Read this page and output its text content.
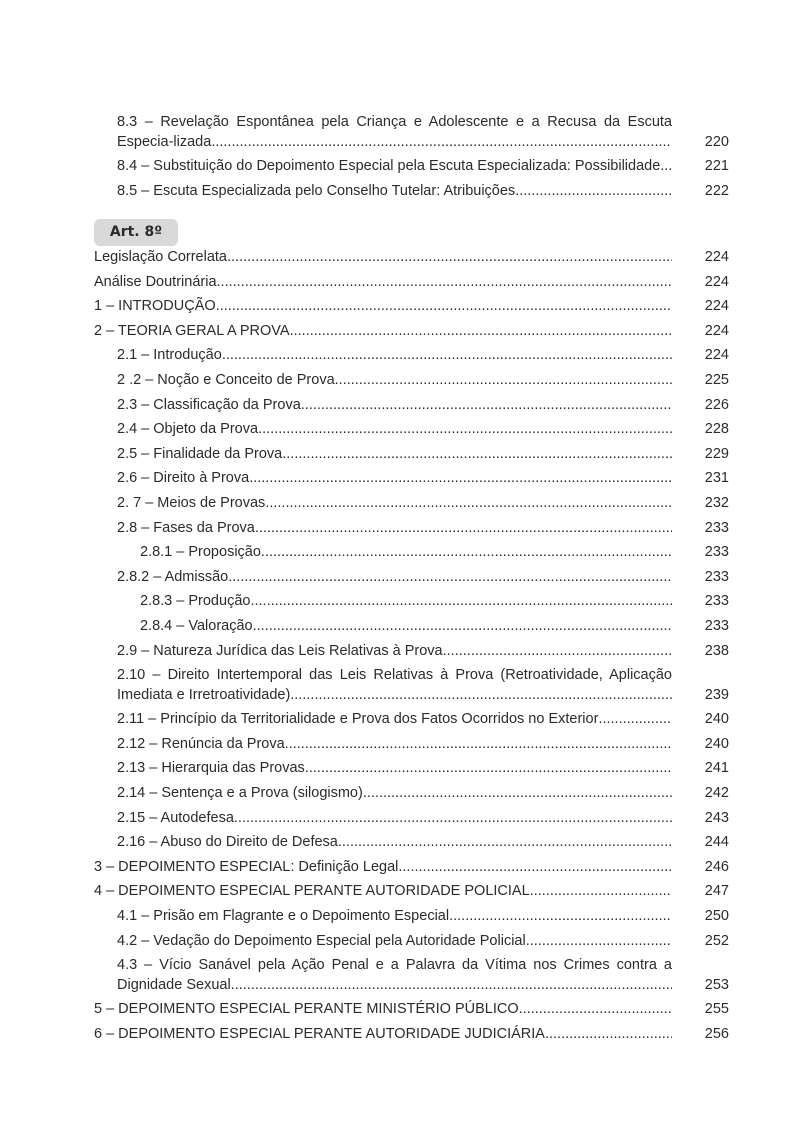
8.3 – Revelação Espontânea pela Criança e Adolescente e a Recusa da Escuta Especia-lizada .....	220
8.4 – Substituição do Depoimento Especial pela Escuta Especializada: Possibilidade .....	221
8.5 – Escuta Especializada pelo Conselho Tutelar: Atribuições .....	222
Art. 8º
Legislação Correlata .....	224
Análise Doutrinária .....	224
1 – INTRODUÇÃO .....	224
2 – TEORIA GERAL A PROVA .....	224
2.1 – Introdução .....	224
2 .2 – Noção e Conceito de Prova .....	225
2.3 – Classificação da Prova .....	226
2.4 – Objeto da Prova .....	228
2.5 – Finalidade da Prova .....	229
2.6 – Direito à Prova .....	231
2. 7 – Meios de Provas .....	232
2.8 – Fases da Prova .....	233
2.8.1 – Proposição .....	233
2.8.2 – Admissão .....	233
2.8.3 – Produção .....	233
2.8.4 – Valoração .....	233
2.9 – Natureza Jurídica das Leis Relativas à Prova .....	238
2.10 – Direito Intertemporal das Leis Relativas à Prova (Retroatividade, Aplicação Imediata e Irretroatividade) .....	239
2.11 – Princípio da Territorialidade e Prova dos Fatos Ocorridos no Exterior .....	240
2.12 – Renúncia da Prova .....	240
2.13 – Hierarquia das Provas .....	241
2.14 – Sentença e a Prova (silogismo) .....	242
2.15 – Autodefesa .....	243
2.16 – Abuso do Direito de Defesa .....	244
3 – DEPOIMENTO ESPECIAL: Definição Legal .....	246
4 – DEPOIMENTO ESPECIAL PERANTE AUTORIDADE POLICIAL .....	247
4.1 – Prisão em Flagrante e o Depoimento Especial .....	250
4.2 – Vedação do Depoimento Especial pela Autoridade Policial .....	252
4.3 – Vício Sanável pela Ação Penal e a Palavra da Vítima nos Crimes contra a Dignidade Sexual .....	253
5 – DEPOIMENTO ESPECIAL PERANTE MINISTÉRIO PÚBLICO .....	255
6 – DEPOIMENTO ESPECIAL PERANTE AUTORIDADE JUDICIÁRIA .....	256
